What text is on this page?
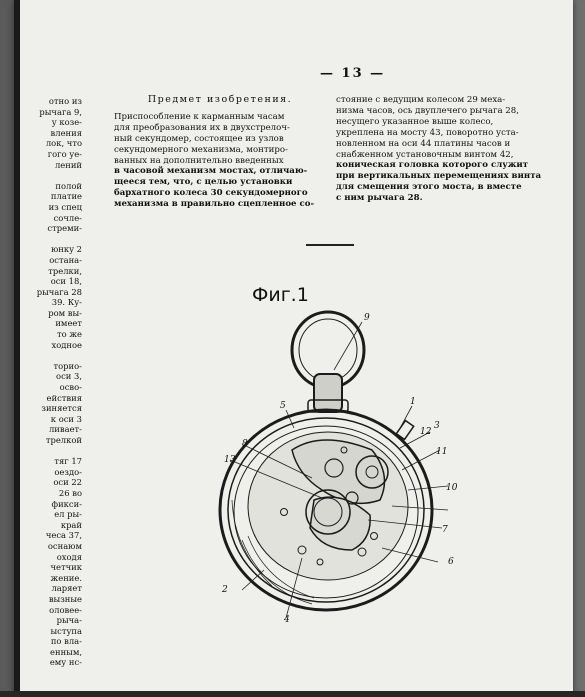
— 13 —
отно из
рычага 9,
у козе-
вления
лок, что
гого уе-
лений

полой
платие
из спец
сочле-
стреми-

юнку 2
остана-
трелки,
оси 18,
рычага 28
39. Ку-
ром вы-
имеет
то же
ходное

торио-
оси 3,
осво-
ействия
зиняется
к оси 3
ливает-
трелкой

тяг 17
оездо-
оси 22
26 во
фикси-
ел ры-
край
чеса 37,
оснаюм
оходя
четчик
жение.
ларяет
вызные
оловее-
рыча-
ыступа
по вла-
енным,
ему нс-
Предмет изобретения.
Приспособление к карманным часам
для преобразования их в двухстрелоч-
ный секундомер, состоящее из узлов
секундомерного механизма, монтиро-
ванных на дополнительно введенных
в часовой механизм мостах, отличаю-
щееся тем, что, с целью установки
бархатного колеса 30 секундомерного
механизма в правильно сцепленное со-
стояние с ведущим колесом 29 меха-
низма часов, ось двуплечего рычага 28,
несущего указанное выше колесо,
укреплена на мосту 43, поворотно уста-
новленном на оси 44 платины часов и
снабженном установочным винтом 42,
коническая головка которого служит
при вертикальных перемещениях винта
для смещения этого моста, в вместе
с ним рычага 28.
Фиг.1
1
2
3
4
5
6
7
8
9
10
11
12
13
